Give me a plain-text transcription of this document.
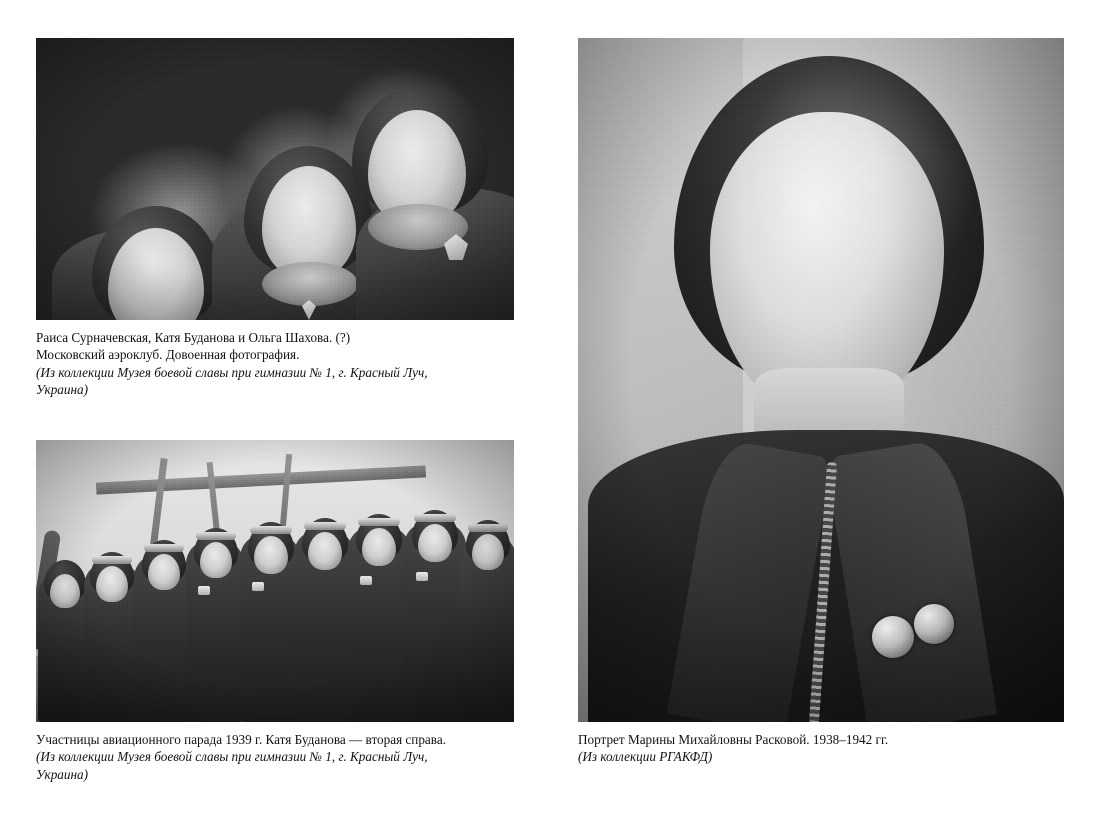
Раиса Сурначевская, Катя Буданова и Ольга Шахова. (?)
Московский аэроклуб. Довоенная фотография.
(Из коллекции Музея боевой славы при гимназии № 1, г. Красный Луч,
Украина)
Участницы авиационного парада 1939 г. Катя Буданова — вторая справа.
(Из коллекции Музея боевой славы при гимназии № 1, г. Красный Луч,
Украина)
Портрет Марины Михайловны Расковой. 1938–1942 гг.
(Из коллекции РГАКФД)
